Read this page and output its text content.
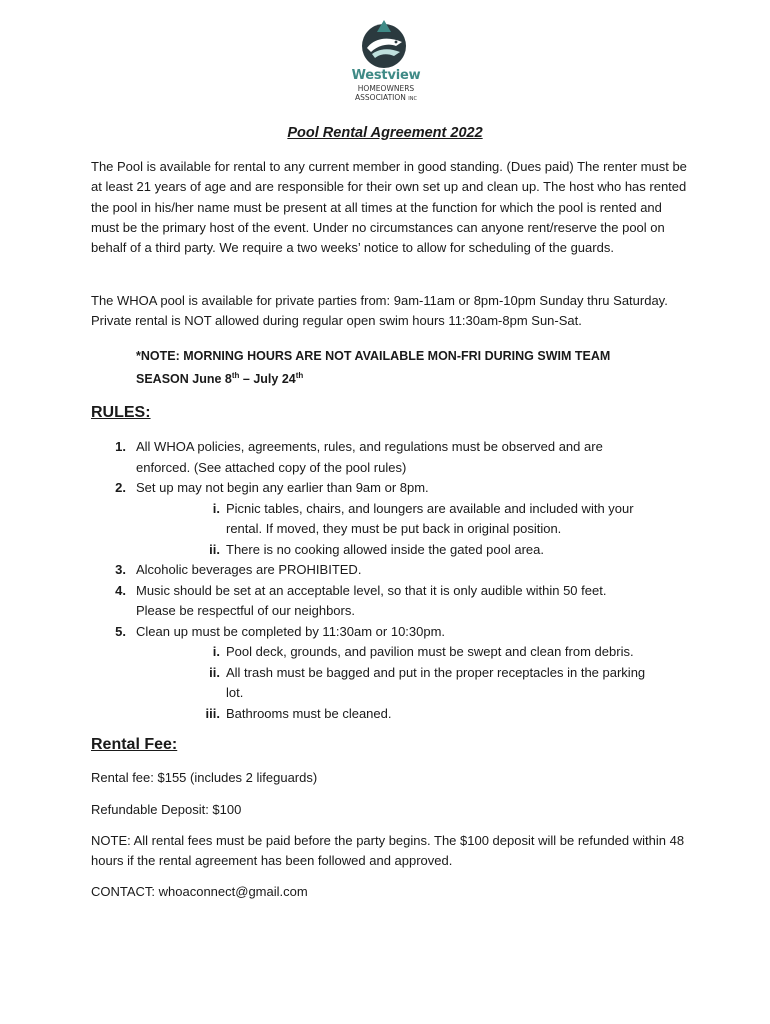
Westview
HOMEOWNERS
ASSOCIATION INC
Pool Rental Agreement 2022

The Pool is available for rental to any current member in good standing. (Dues paid) The renter must be at least 21 years of age and are responsible for their own set up and clean up. The host who has rented the pool in his/her name must be present at all times at the function for which the pool is rented and must be the primary host of the event. Under no circumstances can anyone rent/reserve the pool on behalf of a third party. We require a two weeks’ notice to allow for scheduling of the guards.

The WHOA pool is available for private parties from: 9am-11am or 8pm-10pm Sunday thru Saturday. Private rental is NOT allowed during regular open swim hours 11:30am-8pm Sun-Sat.

*NOTE: MORNING HOURS ARE NOT AVAILABLE MON-FRI DURING SWIM TEAM
SEASON June 8th – July 24th
RULES:
1. All WHOA policies, agreements, rules, and regulations must be observed and are
enforced. (See attached copy of the pool rules)
2. Set up may not begin any earlier than 9am or 8pm.
i. Picnic tables, chairs, and loungers are available and included with your
rental. If moved, they must be put back in original position.
ii. There is no cooking allowed inside the gated pool area.
3. Alcoholic beverages are PROHIBITED.
4. Music should be set at an acceptable level, so that it is only audible within 50 feet.
Please be respectful of our neighbors.
5. Clean up must be completed by 11:30am or 10:30pm.
i. Pool deck, grounds, and pavilion must be swept and clean from debris.
ii. All trash must be bagged and put in the proper receptacles in the parking
lot.
iii. Bathrooms must be cleaned.
Rental Fee:
Rental fee: $155 (includes 2 lifeguards)
Refundable Deposit: $100
NOTE: All rental fees must be paid before the party begins. The $100 deposit will be refunded within 48 hours if the rental agreement has been followed and approved.
CONTACT: whoaconnect@gmail.com
